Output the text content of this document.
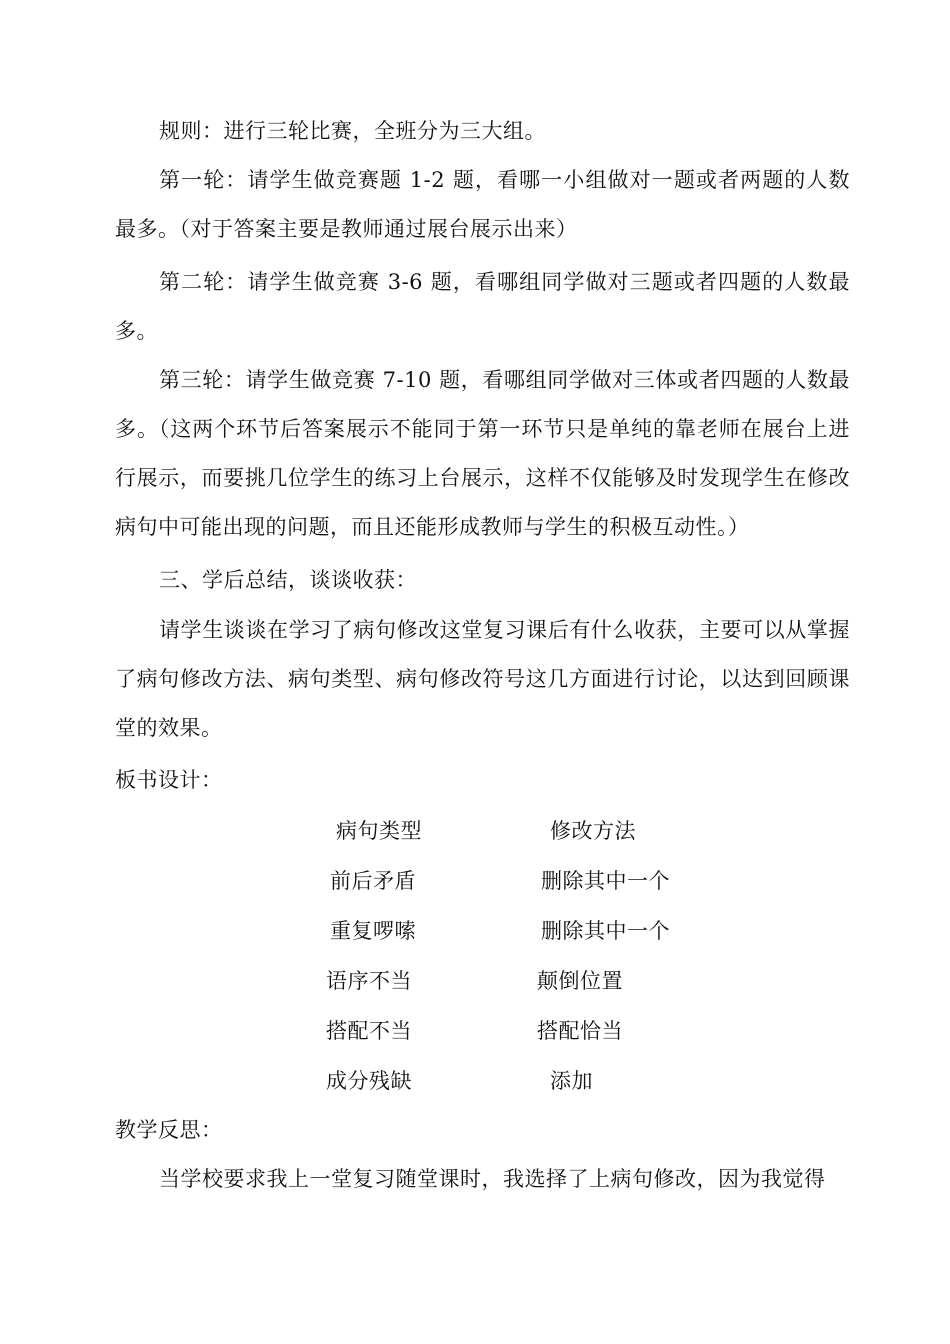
规则：进行三轮比赛，全班分为三大组。

第一轮：请学生做竞赛题 1-2 题，看哪一小组做对一题或者两题的人数最多。（对于答案主要是教师通过展台展示出来）

第二轮：请学生做竞赛 3-6 题，看哪组同学做对三题或者四题的人数最多。

第三轮：请学生做竞赛 7-10 题，看哪组同学做对三体或者四题的人数最多。（这两个环节后答案展示不能同于第一环节只是单纯的靠老师在展台上进行展示，而要挑几位学生的练习上台展示，这样不仅能够及时发现学生在修改病句中可能出现的问题，而且还能形成教师与学生的积极互动性。）

三、学后总结，谈谈收获：

请学生谈谈在学习了病句修改这堂复习课后有什么收获，主要可以从掌握了病句修改方法、病句类型、病句修改符号这几方面进行讨论，以达到回顾课堂的效果。

板书设计：

病句类型	修改方法
前后矛盾	删除其中一个
重复啰嗦	删除其中一个
语序不当	颠倒位置
搭配不当	搭配恰当
成分残缺	添加

教学反思：

当学校要求我上一堂复习随堂课时，我选择了上病句修改，因为我觉得
